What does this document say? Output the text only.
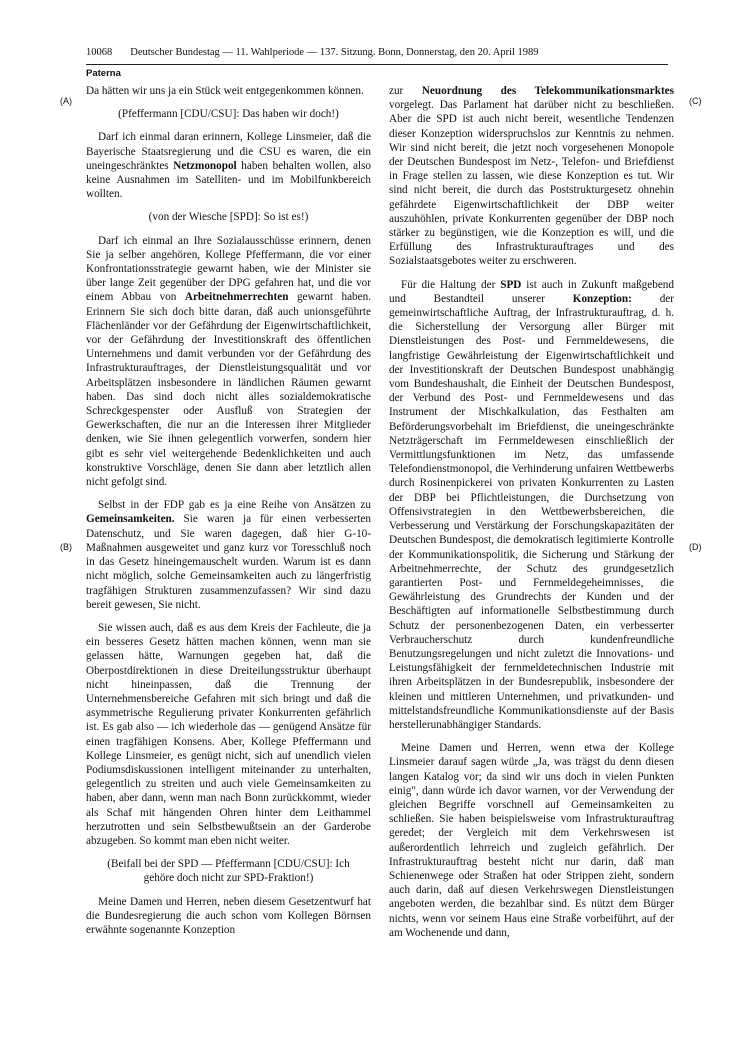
10068 Deutscher Bundestag — 11. Wahlperiode — 137. Sitzung. Bonn, Donnerstag, den 20. April 1989
Paterna
(A)
(B)
(C)
(D)

Da hätten wir uns ja ein Stück weit entgegenkommen können.

(Pfeffermann [CDU/CSU]: Das haben wir doch!)

Darf ich einmal daran erinnern, Kollege Linsmeier, daß die Bayerische Staatsregierung und die CSU es waren, die ein uneingeschränktes Netzmonopol haben behalten wollen, also keine Ausnahmen im Satelliten- und im Mobilfunkbereich wollten.

(von der Wiesche [SPD]: So ist es!)

Darf ich einmal an Ihre Sozialausschüsse erinnern, denen Sie ja selber angehören, Kollege Pfeffermann, die vor einer Konfrontationsstrategie gewarnt haben, wie der Minister sie über lange Zeit gegenüber der DPG gefahren hat, und die vor einem Abbau von Arbeitnehmerrechten gewarnt haben. Erinnern Sie sich doch bitte daran, daß auch unionsgeführte Flächenländer vor der Gefährdung der Eigenwirtschaftlichkeit, vor der Gefährdung der Investitionskraft des öffentlichen Unternehmens und damit verbunden vor der Gefährdung des Infrastrukturauftrages, der Dienstleistungsqualität und vor Arbeitsplätzen insbesondere in ländlichen Räumen gewarnt haben. Das sind doch nicht alles sozialdemokratische Schreckgespenster oder Ausfluß von Strategien der Gewerkschaften, die nur an die Interessen ihrer Mitglieder denken, wie Sie ihnen gelegentlich vorwerfen, sondern hier gibt es sehr viel weitergehende Bedenklichkeiten und auch konstruktive Vorschläge, denen Sie dann aber letztlich allen nicht gefolgt sind.

Selbst in der FDP gab es ja eine Reihe von Ansätzen zu Gemeinsamkeiten. Sie waren ja für einen verbesserten Datenschutz, und Sie waren dagegen, daß hier G-10-Maßnahmen ausgeweitet und ganz kurz vor Toresschluß noch in das Gesetz hineingemauschelt wurden. Warum ist es dann nicht möglich, solche Gemeinsamkeiten auch zu längerfristig tragfähigen Strukturen zusammenzufassen? Wir sind dazu bereit gewesen, Sie nicht.

Sie wissen auch, daß es aus dem Kreis der Fachleute, die ja ein besseres Gesetz hätten machen können, wenn man sie gelassen hätte, Warnungen gegeben hat, daß die Oberpostdirektionen in diese Dreiteilungsstruktur überhaupt nicht hineinpassen, daß die Trennung der Unternehmensbereiche Gefahren mit sich bringt und daß die asymmetrische Regulierung privater Konkurrenten gefährlich ist. Es gab also — ich wiederhole das — genügend Ansätze für einen tragfähigen Konsens. Aber, Kollege Pfeffermann und Kollege Linsmeier, es genügt nicht, sich auf unendlich vielen Podiumsdiskussionen intelligent miteinander zu unterhalten, gelegentlich zu streiten und auch viele Gemeinsamkeiten zu haben, aber dann, wenn man nach Bonn zurückkommt, wieder als Schaf mit hängenden Ohren hinter dem Leithammel herzutrotten und sein Selbstbewußtsein an der Garderobe abzugeben. So kommt man eben nicht weiter.

(Beifall bei der SPD — Pfeffermann [CDU/CSU]: Ich gehöre doch nicht zur SPD-Fraktion!)

Meine Damen und Herren, neben diesem Gesetzentwurf hat die Bundesregierung die auch schon vom Kollegen Börnsen erwähnte sogenannte Konzeption

zur Neuordnung des Telekommunikationsmarktes vorgelegt. Das Parlament hat darüber nicht zu beschließen. Aber die SPD ist auch nicht bereit, wesentliche Tendenzen dieser Konzeption widerspruchslos zur Kenntnis zu nehmen. Wir sind nicht bereit, die jetzt noch vorgesehenen Monopole der Deutschen Bundespost im Netz-, Telefon- und Briefdienst in Frage stellen zu lassen, wie diese Konzeption es tut. Wir sind nicht bereit, die durch das Poststrukturgesetz ohnehin gefährdete Eigenwirtschaftlichkeit der DBP weiter auszuhöhlen, private Konkurrenten gegenüber der DBP noch stärker zu begünstigen, wie die Konzeption es will, und die Erfüllung des Infrastrukturauftrages und des Sozialstaatsgebotes weiter zu erschweren.

Für die Haltung der SPD ist auch in Zukunft maßgebend und Bestandteil unserer Konzeption: der gemeinwirtschaftliche Auftrag, der Infrastrukturauftrag, d. h. die Sicherstellung der Versorgung aller Bürger mit Dienstleistungen des Post- und Fernmeldewesens, die langfristige Gewährleistung der Eigenwirtschaftlichkeit und der Investitionskraft der Deutschen Bundespost unabhängig vom Bundeshaushalt, die Einheit der Deutschen Bundespost, der Verbund des Post- und Fernmeldewesens und das Instrument der Mischkalkulation, das Festhalten am Beförderungsvorbehalt im Briefdienst, die uneingeschränkte Netzträgerschaft im Fernmeldewesen einschließlich der Vermittlungsfunktionen im Netz, das umfassende Telefondienstmonopol, die Verhinderung unfairen Wettbewerbs durch Rosinenpickerei von privaten Konkurrenten zu Lasten der DBP bei Pflichtleistungen, die Durchsetzung von Offensivstrategien in den Wettbewerbsbereichen, die Verbesserung und Verstärkung der Forschungskapazitäten der Deutschen Bundespost, die demokratisch legitimierte Kontrolle der Kommunikationspolitik, die Sicherung und Stärkung der Arbeitnehmerrechte, der Schutz des grundgesetzlich garantierten Post- und Fernmeldegeheimnisses, die Gewährleistung des Grundrechts der Kunden und der Beschäftigten auf informationelle Selbstbestimmung durch Schutz der personenbezogenen Daten, ein verbesserter Verbraucherschutz durch kundenfreundliche Benutzungsregelungen und nicht zuletzt die Innovations- und Leistungsfähigkeit der fernmeldetechnischen Industrie mit ihren Arbeitsplätzen in der Bundesrepublik, insbesondere der kleinen und mittleren Unternehmen, und privatkunden- und mittelstandsfreundliche Kommunikationsdienste auf der Basis herstellerunabhängiger Standards.

Meine Damen und Herren, wenn etwa der Kollege Linsmeier darauf sagen würde „Ja, was trägst du denn diesen langen Katalog vor; da sind wir uns doch in vielen Punkten einig", dann würde ich davor warnen, vor der Verwendung der gleichen Begriffe vorschnell auf Gemeinsamkeiten zu schließen. Sie haben beispielsweise vom Infrastrukturauftrag geredet; der Vergleich mit dem Verkehrswesen ist außerordentlich lehrreich und zugleich gefährlich. Der Infrastrukturauftrag besteht nicht nur darin, daß man Schienenwege oder Straßen hat oder Strippen zieht, sondern auch darin, daß auf diesen Verkehrswegen Dienstleistungen angeboten werden, die bezahlbar sind. Es nützt dem Bürger nichts, wenn vor seinem Haus eine Straße vorbeiführt, auf der am Wochenende und dann,
